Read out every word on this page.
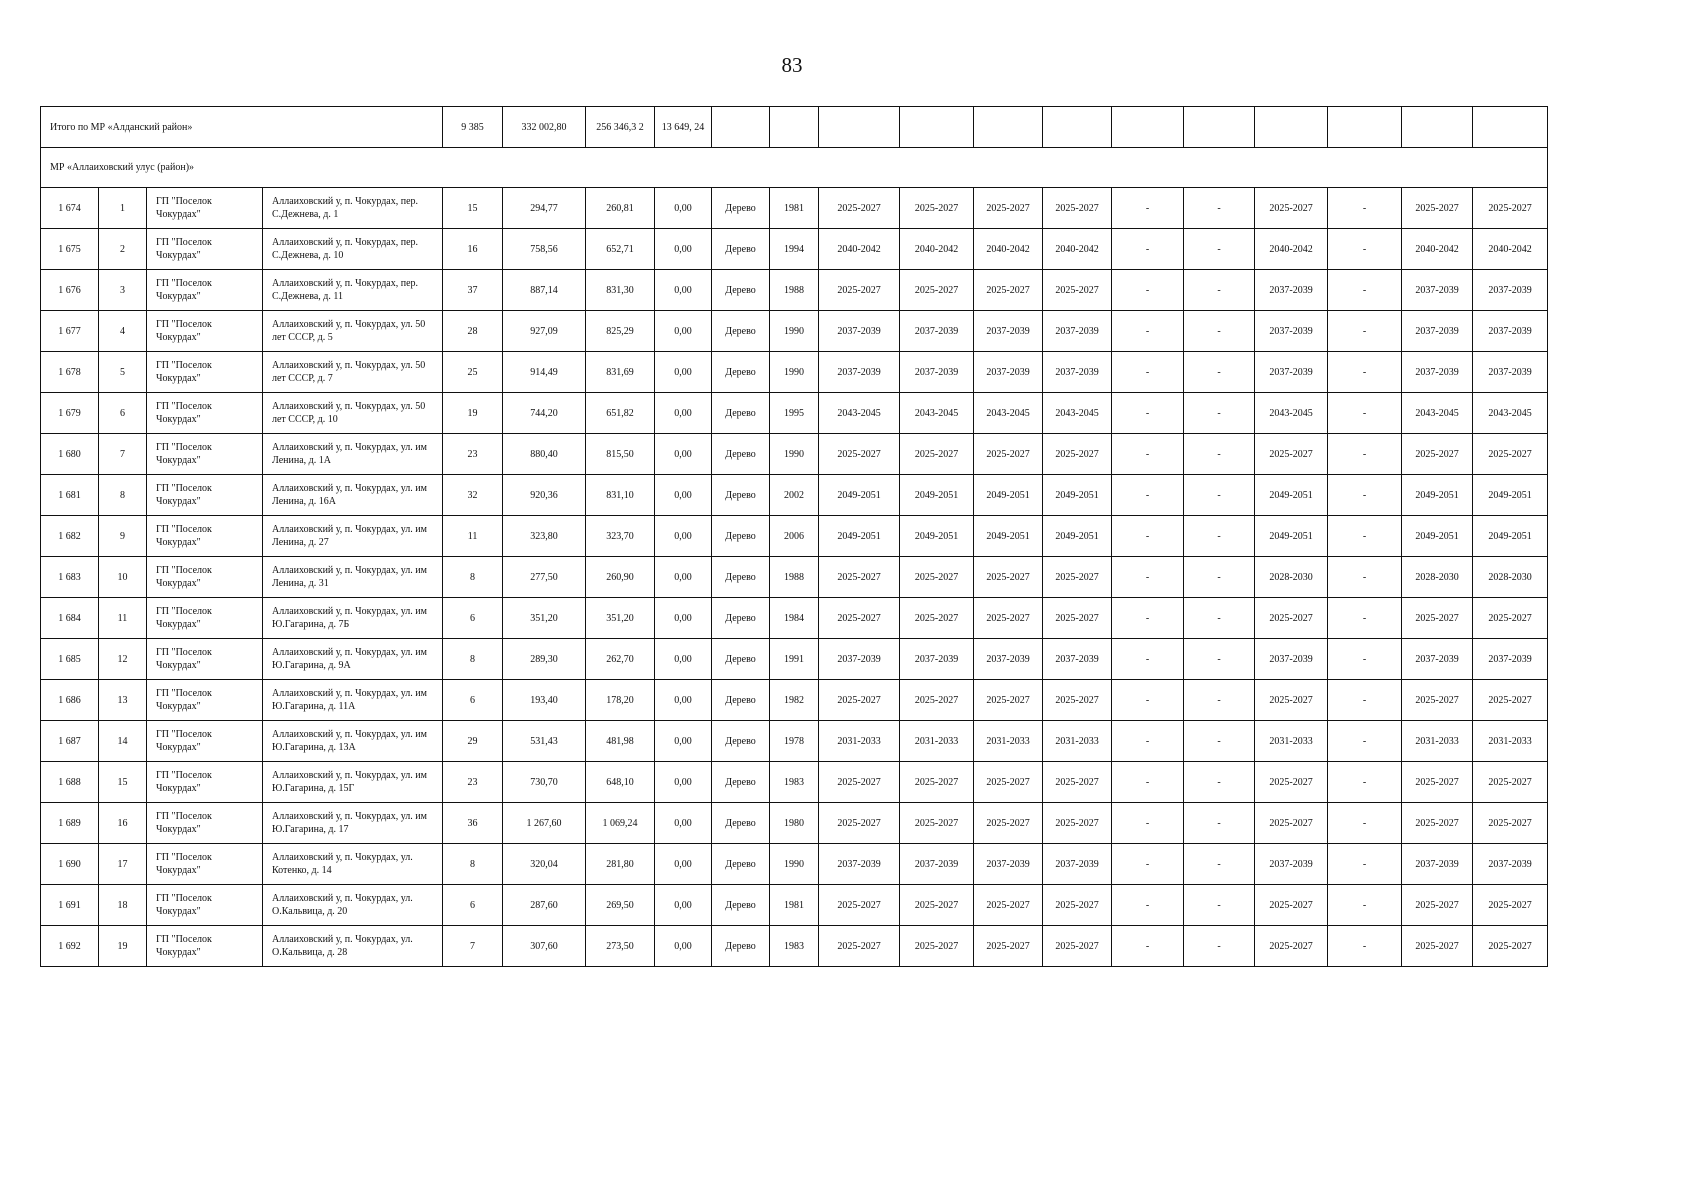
83
Итого по МР «Алданский район»				9 385	332 002,80	256 346,3 2	13 649, 24												
МР «Аллаиховский улус (район)»																			
1 674	1	ГП "Поселок Чокурдах"	Аллаиховский у, п. Чокурдах, пер. С.Дежнева, д. 1	15	294,77	260,81	0,00	Дерево	1981	2025-2027	2025-2027	2025-2027	2025-2027	-	-	2025-2027	-	2025-2027	2025-2027
1 675	2	ГП "Поселок Чокурдах"	Аллаиховский у, п. Чокурдах, пер. С.Дежнева, д. 10	16	758,56	652,71	0,00	Дерево	1994	2040-2042	2040-2042	2040-2042	2040-2042	-	-	2040-2042	-	2040-2042	2040-2042
1 676	3	ГП "Поселок Чокурдах"	Аллаиховский у, п. Чокурдах, пер. С.Дежнева, д. 11	37	887,14	831,30	0,00	Дерево	1988	2025-2027	2025-2027	2025-2027	2025-2027	-	-	2037-2039	-	2037-2039	2037-2039
1 677	4	ГП "Поселок Чокурдах"	Аллаиховский у, п. Чокурдах, ул. 50 лет СССР, д. 5	28	927,09	825,29	0,00	Дерево	1990	2037-2039	2037-2039	2037-2039	2037-2039	-	-	2037-2039	-	2037-2039	2037-2039
1 678	5	ГП "Поселок Чокурдах"	Аллаиховский у, п. Чокурдах, ул. 50 лет СССР, д. 7	25	914,49	831,69	0,00	Дерево	1990	2037-2039	2037-2039	2037-2039	2037-2039	-	-	2037-2039	-	2037-2039	2037-2039
1 679	6	ГП "Поселок Чокурдах"	Аллаиховский у, п. Чокурдах, ул. 50 лет СССР, д. 10	19	744,20	651,82	0,00	Дерево	1995	2043-2045	2043-2045	2043-2045	2043-2045	-	-	2043-2045	-	2043-2045	2043-2045
1 680	7	ГП "Поселок Чокурдах"	Аллаиховский у, п. Чокурдах, ул. им Ленина, д. 1А	23	880,40	815,50	0,00	Дерево	1990	2025-2027	2025-2027	2025-2027	2025-2027	-	-	2025-2027	-	2025-2027	2025-2027
1 681	8	ГП "Поселок Чокурдах"	Аллаиховский у, п. Чокурдах, ул. им Ленина, д. 16А	32	920,36	831,10	0,00	Дерево	2002	2049-2051	2049-2051	2049-2051	2049-2051	-	-	2049-2051	-	2049-2051	2049-2051
1 682	9	ГП "Поселок Чокурдах"	Аллаиховский у, п. Чокурдах, ул. им Ленина, д. 27	11	323,80	323,70	0,00	Дерево	2006	2049-2051	2049-2051	2049-2051	2049-2051	-	-	2049-2051	-	2049-2051	2049-2051
1 683	10	ГП "Поселок Чокурдах"	Аллаиховский у, п. Чокурдах, ул. им Ленина, д. 31	8	277,50	260,90	0,00	Дерево	1988	2025-2027	2025-2027	2025-2027	2025-2027	-	-	2028-2030	-	2028-2030	2028-2030
1 684	11	ГП "Поселок Чокурдах"	Аллаиховский у, п. Чокурдах, ул. им Ю.Гагарина, д. 7Б	6	351,20	351,20	0,00	Дерево	1984	2025-2027	2025-2027	2025-2027	2025-2027	-	-	2025-2027	-	2025-2027	2025-2027
1 685	12	ГП "Поселок Чокурдах"	Аллаиховский у, п. Чокурдах, ул. им Ю.Гагарина, д. 9А	8	289,30	262,70	0,00	Дерево	1991	2037-2039	2037-2039	2037-2039	2037-2039	-	-	2037-2039	-	2037-2039	2037-2039
1 686	13	ГП "Поселок Чокурдах"	Аллаиховский у, п. Чокурдах, ул. им Ю.Гагарина, д. 11А	6	193,40	178,20	0,00	Дерево	1982	2025-2027	2025-2027	2025-2027	2025-2027	-	-	2025-2027	-	2025-2027	2025-2027
1 687	14	ГП "Поселок Чокурдах"	Аллаиховский у, п. Чокурдах, ул. им Ю.Гагарина, д. 13А	29	531,43	481,98	0,00	Дерево	1978	2031-2033	2031-2033	2031-2033	2031-2033	-	-	2031-2033	-	2031-2033	2031-2033
1 688	15	ГП "Поселок Чокурдах"	Аллаиховский у, п. Чокурдах, ул. им Ю.Гагарина, д. 15Г	23	730,70	648,10	0,00	Дерево	1983	2025-2027	2025-2027	2025-2027	2025-2027	-	-	2025-2027	-	2025-2027	2025-2027
1 689	16	ГП "Поселок Чокурдах"	Аллаиховский у, п. Чокурдах, ул. им Ю.Гагарина, д. 17	36	1 267,60	1 069,24	0,00	Дерево	1980	2025-2027	2025-2027	2025-2027	2025-2027	-	-	2025-2027	-	2025-2027	2025-2027
1 690	17	ГП "Поселок Чокурдах"	Аллаиховский у, п. Чокурдах, ул. Котенко, д. 14	8	320,04	281,80	0,00	Дерево	1990	2037-2039	2037-2039	2037-2039	2037-2039	-	-	2037-2039	-	2037-2039	2037-2039
1 691	18	ГП "Поселок Чокурдах"	Аллаиховский у, п. Чокурдах, ул. О.Кальвица, д. 20	6	287,60	269,50	0,00	Дерево	1981	2025-2027	2025-2027	2025-2027	2025-2027	-	-	2025-2027	-	2025-2027	2025-2027
1 692	19	ГП "Поселок Чокурдах"	Аллаиховский у, п. Чокурдах, ул. О.Кальвица, д. 28	7	307,60	273,50	0,00	Дерево	1983	2025-2027	2025-2027	2025-2027	2025-2027	-	-	2025-2027	-	2025-2027	2025-2027
